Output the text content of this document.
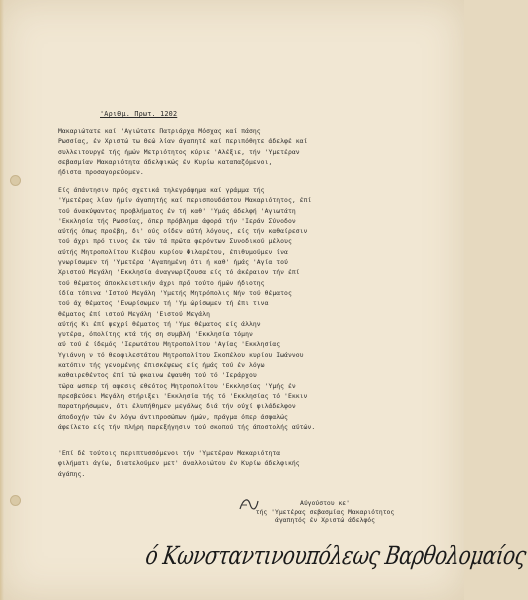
'Αριθμ. Πρωτ. 1202
Μακαριώτατε καί 'Αγιώτατε Πατριάρχα Μόσχας καί πάσης
Ρωσσίας, έν Χριστώ τω Θεώ λίαν άγαπητέ καί περιπόθητε άδελφέ καί
συλλειτουργέ τής ήμών Μετριότητος κύριε 'Αλέξιε, τήν 'Υμετέραν
σεβασμίαν Μακαριότητα άδελφικώς έν Κυρίω καταπαζόμενοι,
ήδιστα προσαγορεύομεν.
Είς άπάντησιν πρός σχετικά τηλεγράφημα καί γράμμα τής
'Υμετέρας λίαν ήμίν άγαπητής καί περισπουδάστου Μακαριότητος, έπί
τού άνακύψαντος προβλήματος έν τή καθ' 'Υμάς άδελφή 'Αγιωτάτη
'Εκκλησία τής Ρωσσίας, όπερ πρόβλημα άφορά τήν 'Ιεράν Σύνοδον
αύτής όπως προέβη, δι' ούς οίδεν αύτή λόγους, είς τήν καθαίρεσιν
τού άχρι πρό τινος έκ τών τά πρώτα φερόντων Συνοδικού μέλους
αύτής Μητροπολίτου Κιέβου κυρίου Φιλαρέτου, έπιθυμούμεν ίνα
γνωρίσωμεν τή 'Υμετέρα 'Αγαπημένη ότι ή καθ' ήμάς 'Αγία τού
Χριστού Μεγάλη 'Εκκλησία άναγνωρίζουσα είς τό άκέραιον τήν έπί
τού θέματος άποκλειστικήν άχρι πρό τούτο ήμών ήδιοτης
ίδία τόπινα 'Ιστού Μεγάλη 'Υμετής Μητρόπολις Νήν τού θέματος
τού άχ θέματος 'Ενωρίσωμεν τή 'Υμ ώρίσωμεν τή έπι τινα
θέματος έπί ιστού Μεγάλη 'Ειστού Μεγάλη
αύτής Κι έπί ψεχρί θέματος τή 'Υμε θέματος είς άλλην
γυτέρα, όπολίτης κτά τής ση συμβλή 'Εκκλησία τόμην
αύ τού έ ίδεμός 'Ιερωτάτου Μητροπολίτου 'Αγίας 'Εκκλησίας
Υγιάννη ν τό θεοφιλεστάτου Μητροπολίτου Σκοπέλου κυρίου Ιωάννου
κατόπιν τής γενομένης έπισκέψεως είς ήμάς τού έν λόγω
καθαιρεθέντος έπί τώ φκαινω έψαυθη τού τό 'Ιεράρχου
τώρα ωσπερ τή αφεσις εθεότος Μητροπολίτου 'Εκκλησίας 'Υμής έν
πρεσβεύσει Μεγάλη στήριξει 'Εκκλησία τής τό 'Εκκλησίας τό 'Εκκιν
παρατηρήσωμεν, ότι έλυπήθημεν μεγάλως διά τήν ούχί φιλάδελφον
άποδοχήν τών έν λόγω άντιπροσώπων ήμών, πράγμα όπερ άσφαλώς
άφείλετο είς τήν πλήρη παρεξήγησιν τού σκοπού τής άποστολής αύτών.
'Επί δέ τούτοις περιπτυσσόμενοι τήν 'Υμετέραν Μακαριότητα
φιλήματι άγίω, διατελούμεν μετ' άναλλοιώτου έν Κυρίω άδελφικής
άγάπης.
Αύγούστου κε'
τής 'Υμετέρας σεβασμίας Μακαριότητος
άγαπητός έν Χριστώ άδελφός
ό Κωνσταντινουπόλεως Βαρθολομαίος
